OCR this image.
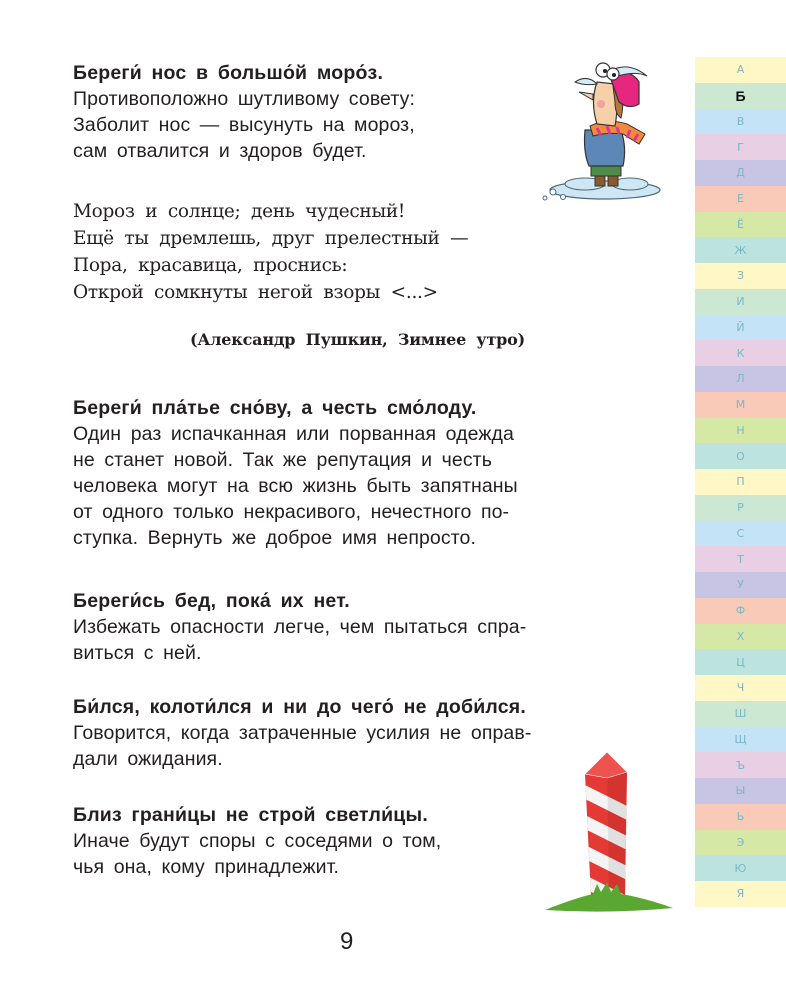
Береги́ нос в большо́й моро́з.

Противоположно шутливому совету:
Заболит нос — высунуть на мороз,
сам отвалится и здоров будет.
Мороз и солнце; день чудесный!
Ещё ты дремлешь, друг прелестный —
Пора, красавица, проснись:
Открой сомкнуты негой взоры <...>
(Александр Пушкин, Зимнее утро)

Береги́ пла́тье сно́ву, а честь смо́лоду.

Один раз испачканная или порванная одежда
не станет новой. Так же репутация и честь
человека могут на всю жизнь быть запятнаны
от одного только некрасивого, нечестного по-
ступка. Вернуть же доброе имя непросто.

Береги́сь бед, пока́ их нет.

Избежать опасности легче, чем пытаться спра-
виться с ней.

Би́лся, колоти́лся и ни до чего́ не доби́лся.

Говорится, когда затраченные усилия не оправ-
дали ожидания.

Близ грани́цы не строй светли́цы.

Иначе будут споры с соседями о том,
чья она, кому принадлежит.
9
А
Б
В
Г
Д
Е
Ё
Ж
З
И
Й
К
Л
М
Н
О
П
Р
С
Т
У
Ф
Х
Ц
Ч
Ш
Щ
Ъ
Ы
Ь
Э
Ю
Я
